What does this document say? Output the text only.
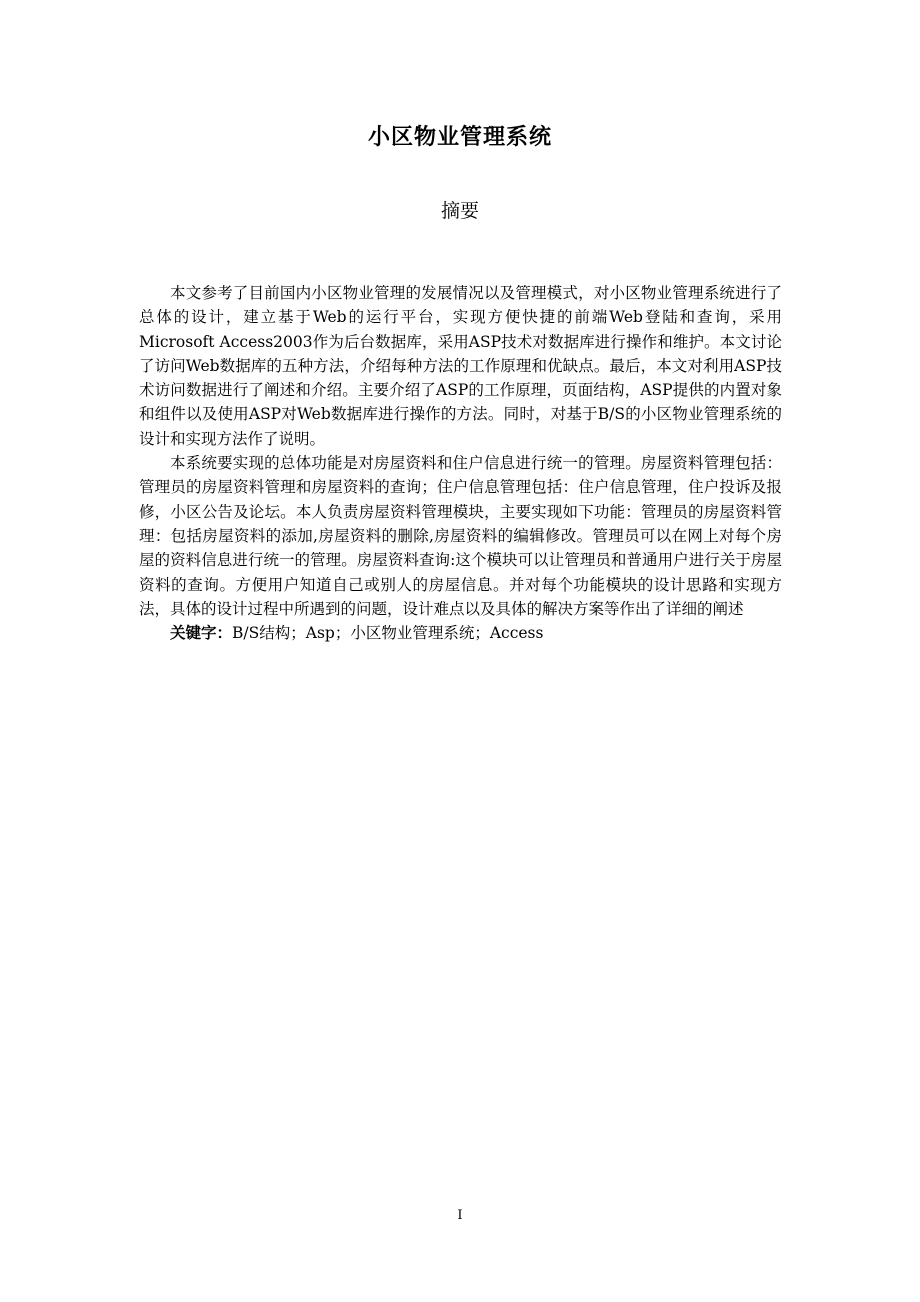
小区物业管理系统
摘要

本文参考了目前国内小区物业管理的发展情况以及管理模式，对小区物业管理系统进行了总体的设计，建立基于Web的运行平台，实现方便快捷的前端Web登陆和查询，采用Microsoft Access2003作为后台数据库，采用ASP技术对数据库进行操作和维护。本文讨论了访问Web数据库的五种方法，介绍每种方法的工作原理和优缺点。最后，本文对利用ASP技术访问数据进行了阐述和介绍。主要介绍了ASP的工作原理，页面结构，ASP提供的内置对象和组件以及使用ASP对Web数据库进行操作的方法。同时，对基于B/S的小区物业管理系统的设计和实现方法作了说明。

本系统要实现的总体功能是对房屋资料和住户信息进行统一的管理。房屋资料管理包括：管理员的房屋资料管理和房屋资料的查询；住户信息管理包括：住户信息管理，住户投诉及报修，小区公告及论坛。本人负责房屋资料管理模块，主要实现如下功能：管理员的房屋资料管理：包括房屋资料的添加,房屋资料的删除,房屋资料的编辑修改。管理员可以在网上对每个房屋的资料信息进行统一的管理。房屋资料查询:这个模块可以让管理员和普通用户进行关于房屋资料的查询。方便用户知道自己或别人的房屋信息。并对每个功能模块的设计思路和实现方法，具体的设计过程中所遇到的问题，设计难点以及具体的解决方案等作出了详细的阐述

关键字：B/S结构；Asp；小区物业管理系统；Access

I
